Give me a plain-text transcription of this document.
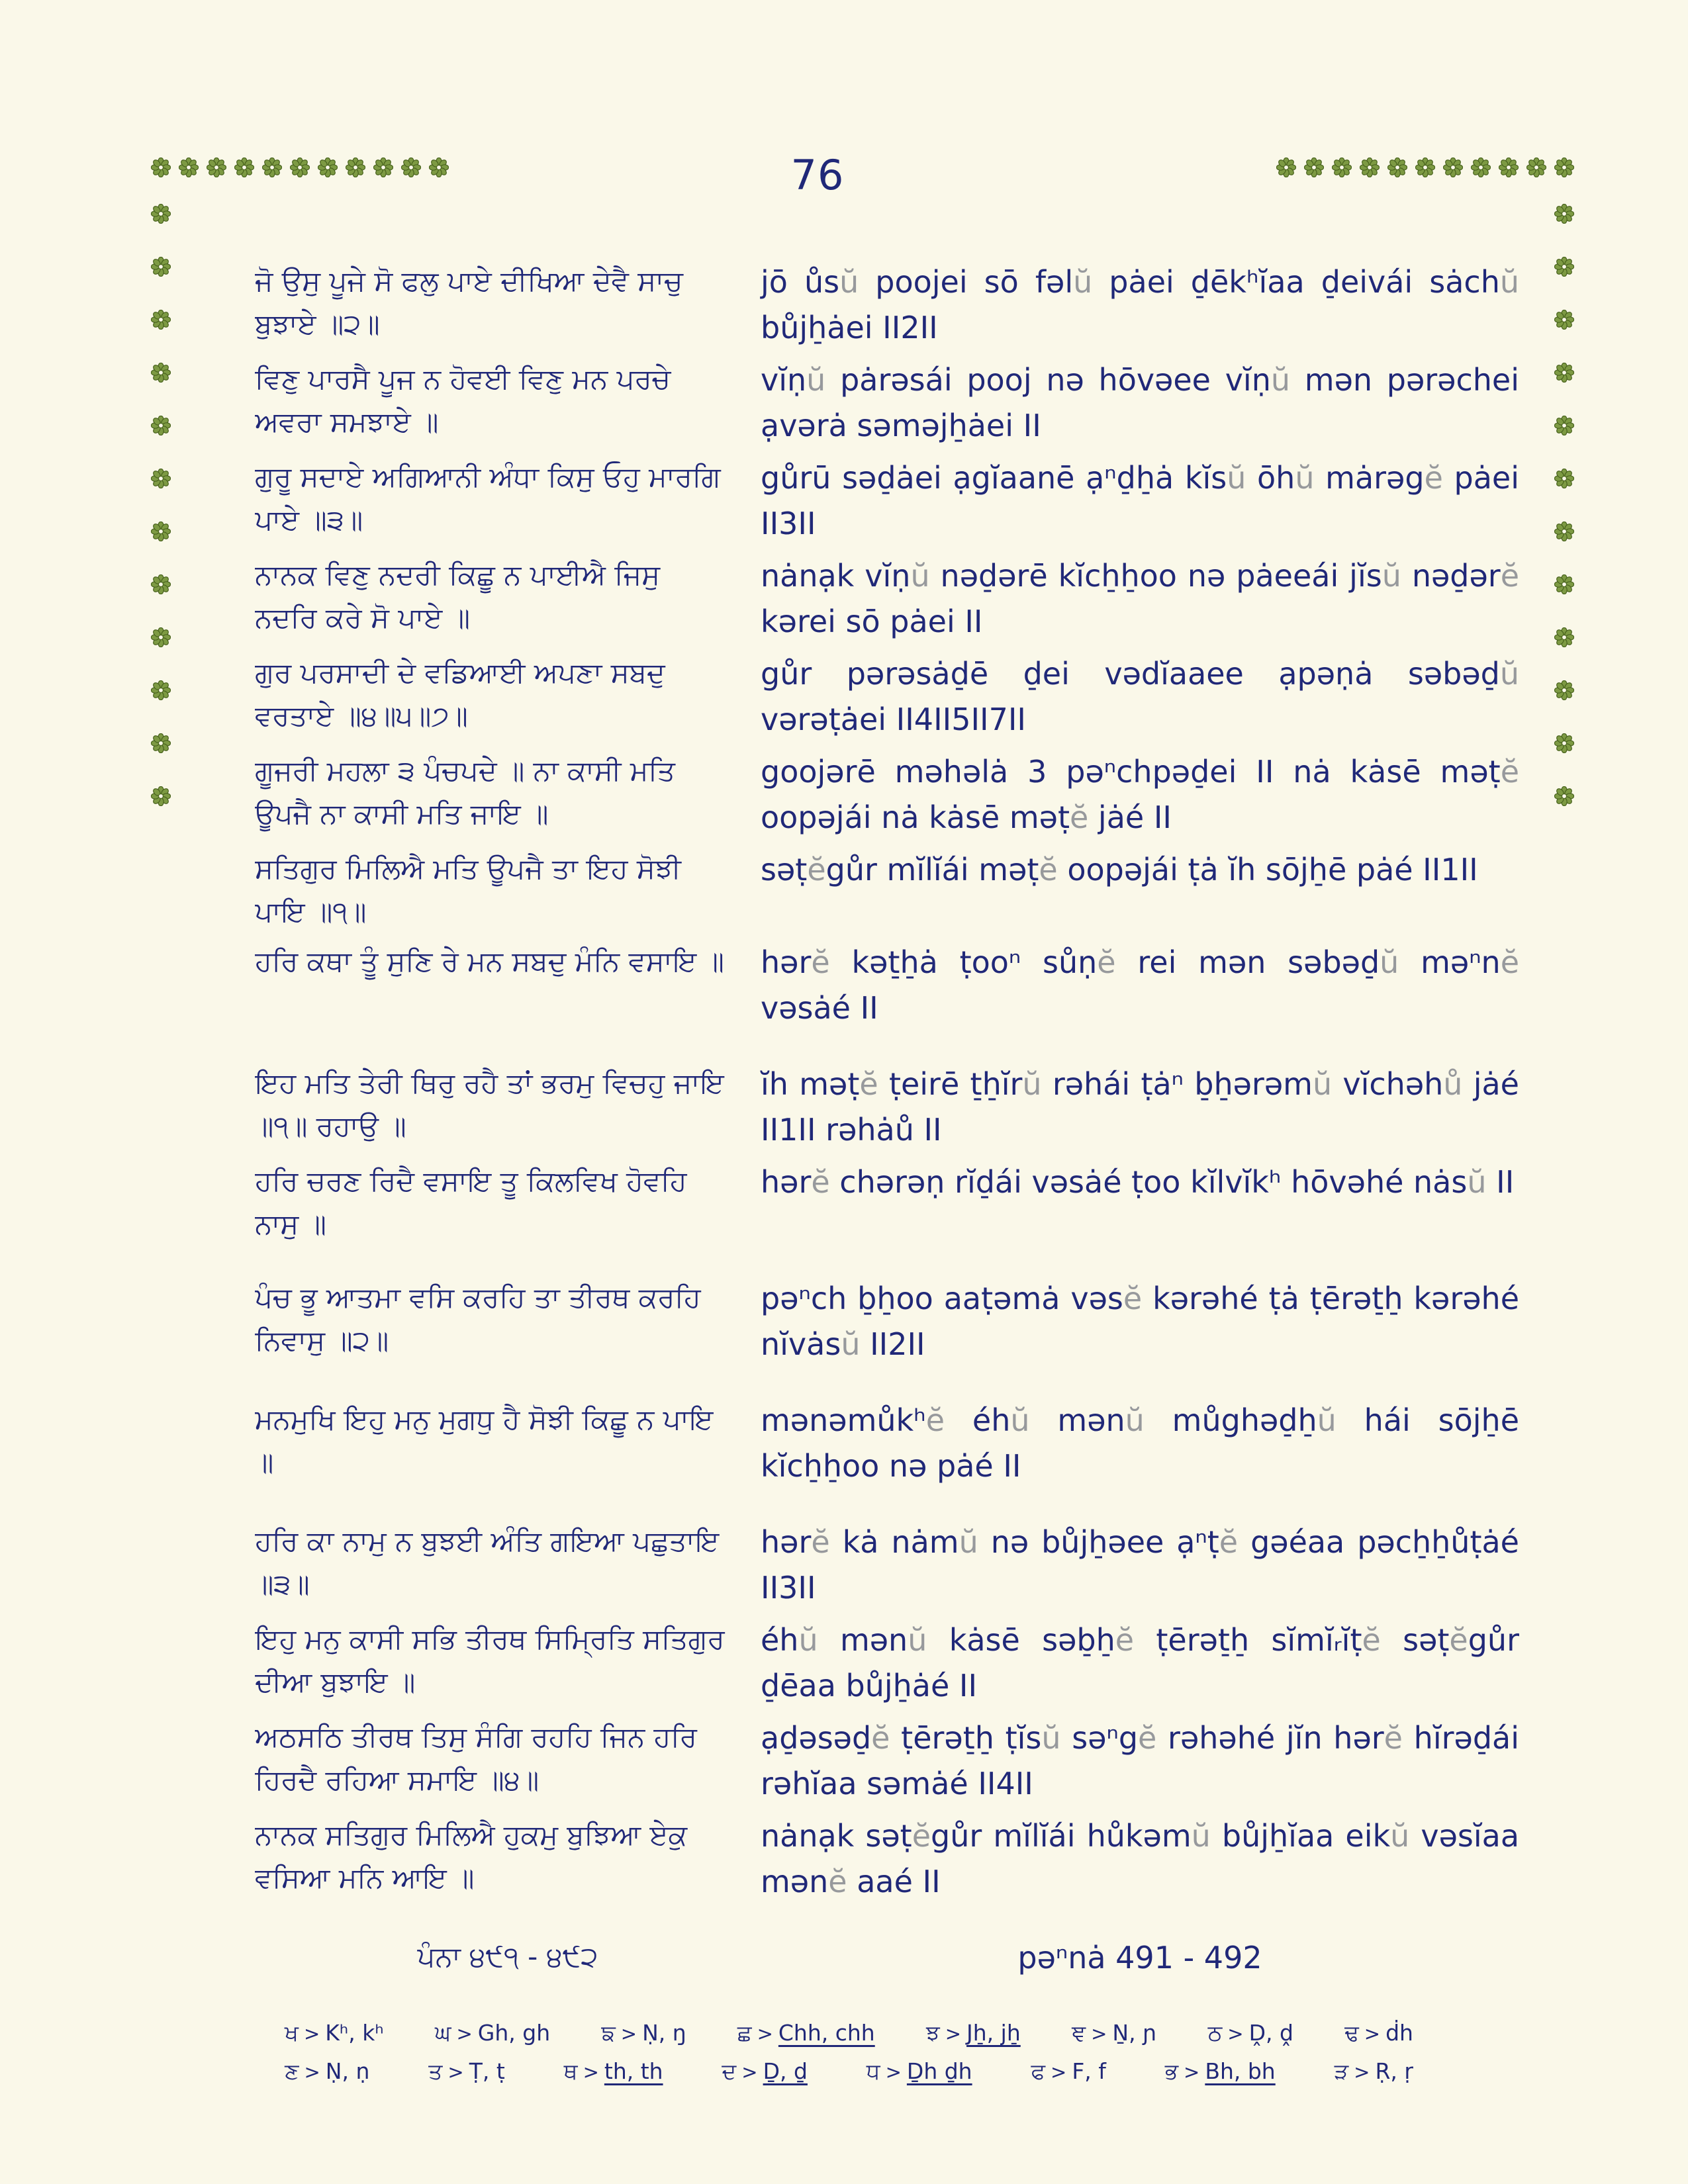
76
ਜੋ ਉਸੁ ਪੂਜੇ ਸੋ ਫਲੁ ਪਾਏ ਦੀਖਿਆ ਦੇਵੈ ਸਾਚੁ ਬੁਝਾਏ ॥੨॥
jō ůsŭ poojei sō fəlŭ pȧei d̠ēkʰĭaa d̠eivái sȧchŭ bůjh̠ȧei II2II
ਵਿਣੁ ਪਾਰਸੈ ਪੂਜ ਨ ਹੋਵਈ ਵਿਣੁ ਮਨ ਪਰਚੇ ਅਵਰਾ ਸਮਝਾਏ ॥
vĭṇŭ pȧrəsái pooj nə hōvəee vĭṇŭ mən pərəchei ạvərȧ səməjh̠ȧei II
ਗੁਰੂ ਸਦਾਏ ਅਗਿਆਨੀ ਅੰਧਾ ਕਿਸੁ ਓਹੁ ਮਾਰਗਿ ਪਾਏ ॥੩॥
gůrū səd̠ȧei ạgĭaanē ạⁿd̠h̠ȧ kĭsŭ ōhŭ mȧrəgĕ pȧei II3II
ਨਾਨਕ ਵਿਣੁ ਨਦਰੀ ਕਿਛੂ ਨ ਪਾਈਐ ਜਿਸੁ ਨਦਰਿ ਕਰੇ ਸੋ ਪਾਏ ॥
nȧnạk vĭṇŭ nəd̠ərē kĭch̠h̠oo nə pȧeeái jĭsŭ nəd̠ərĕ kərei sō pȧei II
ਗੁਰ ਪਰਸਾਦੀ ਦੇ ਵਡਿਆਈ ਅਪਣਾ ਸਬਦੁ ਵਰਤਾਏ ॥੪॥੫॥੭॥
gůr pərəsȧd̠ē d̠ei vədĭaaee ạpəṇȧ səbəd̠ŭ vərəṭȧei II4II5II7II
ਗੂਜਰੀ ਮਹਲਾ ੩ ਪੰਚਪਦੇ ॥ ਨਾ ਕਾਸੀ ਮਤਿ ਊਪਜੈ ਨਾ ਕਾਸੀ ਮਤਿ ਜਾਇ ॥
goojərē məhəlȧ 3 pəⁿchpəd̠ei II nȧ kȧsē məṭĕ oopəjái nȧ kȧsē məṭĕ jȧé II
ਸਤਿਗੁਰ ਮਿਲਿਐ ਮਤਿ ਊਪਜੈ ਤਾ ਇਹ ਸੋਝੀ ਪਾਇ ॥੧॥
səṭĕgůr mĭlĭái məṭĕ oopəjái ṭȧ ĭh sōjh̠ē pȧé II1II
ਹਰਿ ਕਥਾ ਤੂੰ ਸੁਣਿ ਰੇ ਮਨ ਸਬਦੁ ਮੰਨਿ ਵਸਾਇ ॥	hərĕ kət̠h̠ȧ ṭooⁿ sůṇĕ rei mən səbəd̠ŭ məⁿnĕ vəsȧé II
ਇਹ ਮਤਿ ਤੇਰੀ ਥਿਰੁ ਰਹੈ ਤਾਂ ਭਰਮੁ ਵਿਚਹੁ ਜਾਇ ॥੧॥ ਰਹਾਉ ॥
ĭh məṭĕ ṭeirē t̠h̠ĭrŭ rəhái ṭȧⁿ b̠h̠ərəmŭ vĭchəhů jȧé II1II rəhȧů II
ਹਰਿ ਚਰਣ ਰਿਦੈ ਵਸਾਇ ਤੂ ਕਿਲਵਿਖ ਹੋਵਹਿ ਨਾਸੁ ॥
hərĕ chərəṇ rĭd̠ái vəsȧé ṭoo kĭlvĭkʰ hōvəhé nȧsŭ II
ਪੰਚ ਭੂ ਆਤਮਾ ਵਸਿ ਕਰਹਿ ਤਾ ਤੀਰਥ ਕਰਹਿ ਨਿਵਾਸੁ ॥੨॥
pəⁿch b̠h̠oo aaṭəmȧ vəsĕ kərəhé ṭȧ ṭērət̠h̠ kərəhé nĭvȧsŭ II2II
ਮਨਮੁਖਿ ਇਹੁ ਮਨੁ ਮੁਗਧੁ ਹੈ ਸੋਝੀ ਕਿਛੂ ਨ ਪਾਇ ॥
mənəmůkʰĕ éhŭ mənŭ můghəd̠h̠ŭ hái sōjh̠ē kĭch̠h̠oo nə pȧé II
ਹਰਿ ਕਾ ਨਾਮੁ ਨ ਬੁਝਈ ਅੰਤਿ ਗਇਆ ਪਛੁਤਾਇ ॥੩॥
hərĕ kȧ nȧmŭ nə bůjh̠əee ạⁿṭĕ gəéaa pəch̠h̠ůṭȧé II3II
ਇਹੁ ਮਨੁ ਕਾਸੀ ਸਭਿ ਤੀਰਥ ਸਿਮ੍ਰਿਤਿ ਸਤਿਗੁਰ ਦੀਆ ਬੁਝਾਇ ॥
éhŭ mənŭ kȧsē səb̠h̠ĕ ṭērət̠h̠ sĭmĭᵣĭṭĕ səṭĕgůr d̠ēaa bůjh̠ȧé II
ਅਠਸਠਿ ਤੀਰਥ ਤਿਸੁ ਸੰਗਿ ਰਹਹਿ ਜਿਨ ਹਰਿ ਹਿਰਦੈ ਰਹਿਆ ਸਮਾਇ ॥੪॥
ạd̠əsəd̠ĕ ṭērət̠h̠ ṭĭsŭ səⁿgĕ rəhəhé jĭn hərĕ hĭrəd̠ái rəhĭaa səmȧé II4II
ਨਾਨਕ ਸਤਿਗੁਰ ਮਿਲਿਐ ਹੁਕਮੁ ਬੁਝਿਆ ਏਕੁ ਵਸਿਆ ਮਨਿ ਆਇ ॥
nȧnạk səṭĕgůr mĭlĭái hůkəmŭ bůjh̠ĭaa eikŭ vəsĭaa mənĕ aaé II
ਪੰਨਾ ੪੯੧ - ੪੯੨	pəⁿnȧ 491 - 492
ਖ > Kʰ, kʰ ਘ > Gh, gh ਙ > Ṇ, ŋ ਛ > Chh, chh ਝ > Jh̠, jh̠ ਞ > Ṉ, ɲ ਠ > Ḓ, ḓ ਢ > ḋh
ਣ > Ṇ, ṇ	ਤ > Ṭ, ṭ	ਥ > th, th	ਦ > Ḏ, ḏ	ਧ > Ḏh ḏh	ਫ > F, f	ਭ > Bh, bh	ੜ > Ṛ, ṛ
